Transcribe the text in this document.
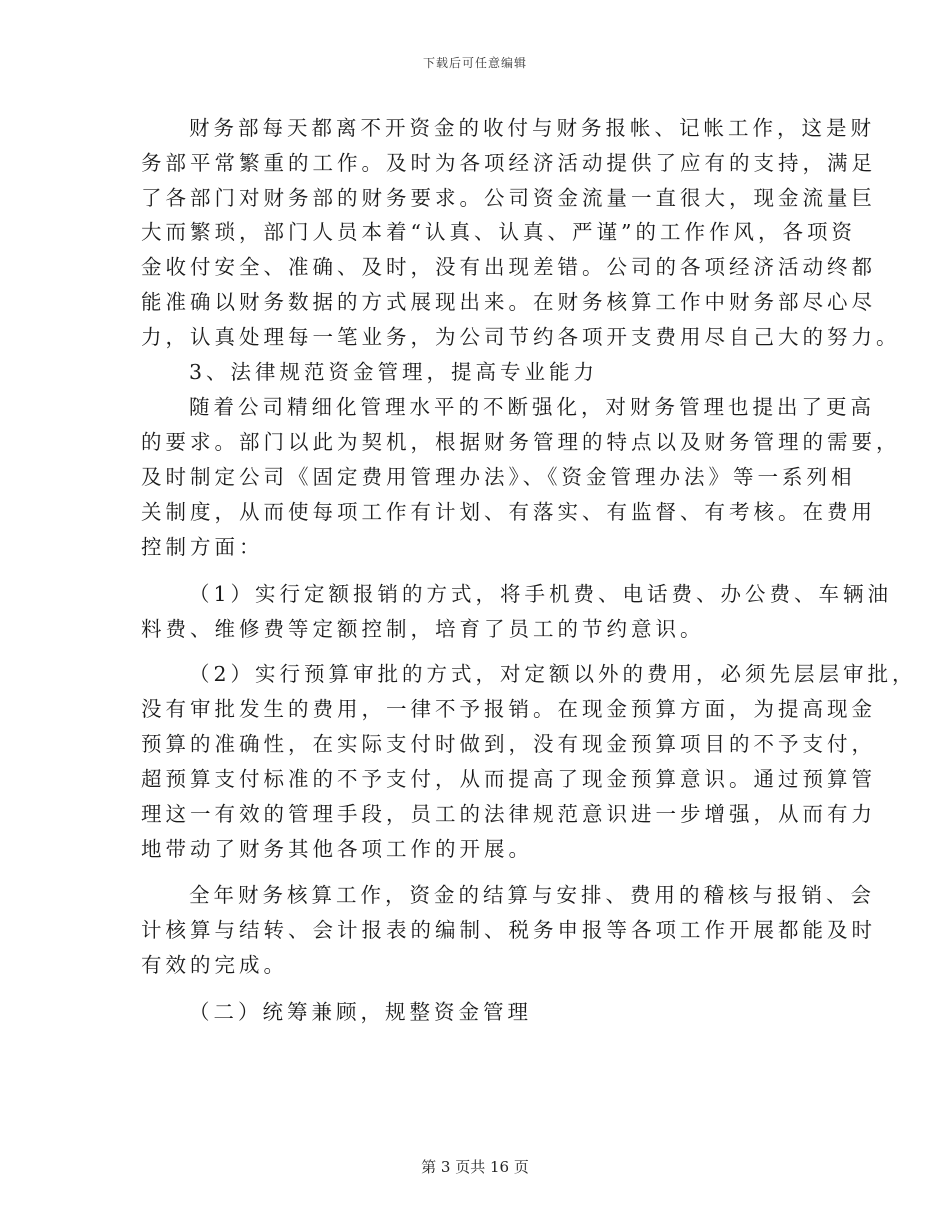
下载后可任意编辑
财务部每天都离不开资金的收付与财务报帐、记帐工作，这是财
务部平常繁重的工作。及时为各项经济活动提供了应有的支持，满足
了各部门对财务部的财务要求。公司资金流量一直很大，现金流量巨
大而繁琐，部门人员本着“认真、认真、严谨”的工作作风，各项资
金收付安全、准确、及时，没有出现差错。公司的各项经济活动终都
能准确以财务数据的方式展现出来。在财务核算工作中财务部尽心尽
力，认真处理每一笔业务，为公司节约各项开支费用尽自己大的努力。
3、法律规范资金管理，提高专业能力
随着公司精细化管理水平的不断强化，对财务管理也提出了更高
的要求。部门以此为契机，根据财务管理的特点以及财务管理的需要，
及时制定公司《固定费用管理办法》、《资金管理办法》等一系列相
关制度，从而使每项工作有计划、有落实、有监督、有考核。在费用
控制方面：
（1）实行定额报销的方式，将手机费、电话费、办公费、车辆油
料费、维修费等定额控制，培育了员工的节约意识。
（2）实行预算审批的方式，对定额以外的费用，必须先层层审批，
没有审批发生的费用，一律不予报销。在现金预算方面，为提高现金
预算的准确性，在实际支付时做到，没有现金预算项目的不予支付，
超预算支付标准的不予支付，从而提高了现金预算意识。通过预算管
理这一有效的管理手段，员工的法律规范意识进一步增强，从而有力
地带动了财务其他各项工作的开展。
全年财务核算工作，资金的结算与安排、费用的稽核与报销、会
计核算与结转、会计报表的编制、税务申报等各项工作开展都能及时
有效的完成。
（二）统筹兼顾，规整资金管理
第 3 页共 16 页
